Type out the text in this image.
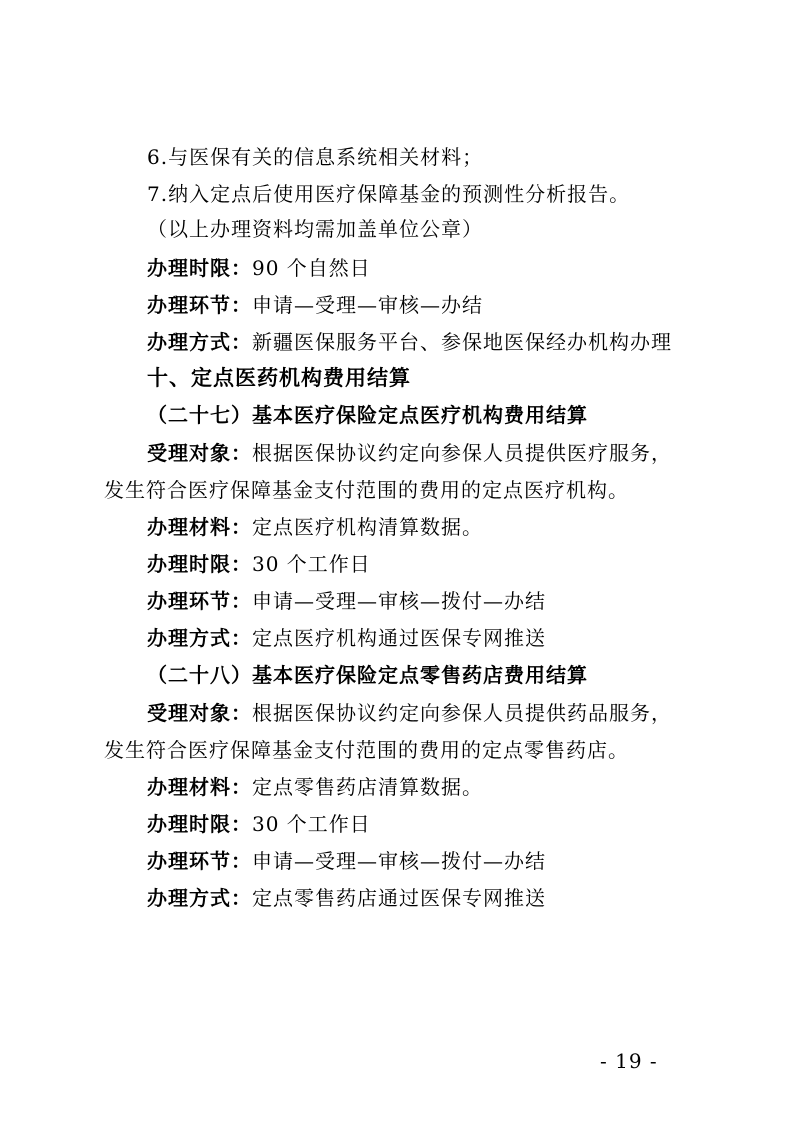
6.与医保有关的信息系统相关材料；
7.纳入定点后使用医疗保障基金的预测性分析报告。
（以上办理资料均需加盖单位公章）
办理时限：90 个自然日
办理环节：申请—受理—审核—办结
办理方式：新疆医保服务平台、参保地医保经办机构办理
十、定点医药机构费用结算
（二十七）基本医疗保险定点医疗机构费用结算
受理对象：根据医保协议约定向参保人员提供医疗服务，
发生符合医疗保障基金支付范围的费用的定点医疗机构。
办理材料：定点医疗机构清算数据。
办理时限：30 个工作日
办理环节：申请—受理—审核—拨付—办结
办理方式：定点医疗机构通过医保专网推送
（二十八）基本医疗保险定点零售药店费用结算
受理对象：根据医保协议约定向参保人员提供药品服务，
发生符合医疗保障基金支付范围的费用的定点零售药店。
办理材料：定点零售药店清算数据。
办理时限：30 个工作日
办理环节：申请—受理—审核—拨付—办结
办理方式：定点零售药店通过医保专网推送
- 19 -
